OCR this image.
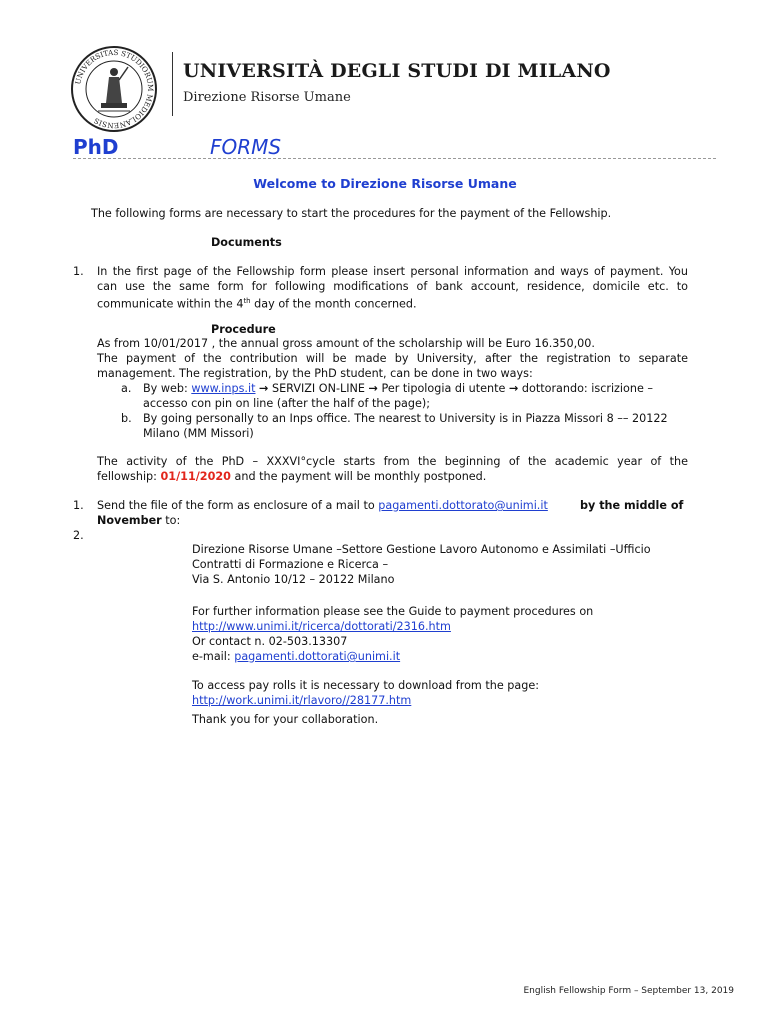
UNIVERSITAS STUDIORUM MEDIOLANENSIS
UNIVERSITÀ DEGLI STUDI DI MILANO
Direzione Risorse Umane
PhD	FORMS
Welcome to Direzione Risorse Umane
The following forms are necessary to start the procedures for the payment of the Fellowship.
Documents
1. In the first page of the Fellowship form please insert personal information and ways of payment. You
can use the same form for following modifications of bank account, residence, domicile etc. to
communicate within the 4th day of the month concerned.
Procedure
As from 10/01/2017 , the annual gross amount of the scholarship will be Euro 16.350,00.
The payment of the contribution will be made by University, after the registration to separate
management. The registration, by the PhD student, can be done in two ways:
a. By web: www.inps.it → SERVIZI ON-LINE → Per tipologia di utente → dottorando: iscrizione –
accesso con pin on line (after the half of the page);
b. By going personally to an Inps office. The nearest to University is in Piazza Missori 8 –– 20122
Milano (MM Missori)
The activity of the PhD – XXXVI°cycle starts from the beginning of the academic year of the
fellowship: 01/11/2020 and the payment will be monthly postponed.
1. Send the file of the form as enclosure of a mail to pagamenti.dottorato@unimi.it	by the middle of
November to:
2.
Direzione Risorse Umane –Settore Gestione Lavoro Autonomo e Assimilati –Ufficio
Contratti di Formazione e Ricerca –
Via S. Antonio 10/12 – 20122 Milano
For further information please see the Guide to payment procedures on
http://www.unimi.it/ricerca/dottorati/2316.htm
Or contact n. 02-503.13307
e-mail: pagamenti.dottorati@unimi.it
To access pay rolls it is necessary to download from the page:
http://work.unimi.it/rlavoro//28177.htm
Thank you for your collaboration.
English Fellowship Form – September 13, 2019
